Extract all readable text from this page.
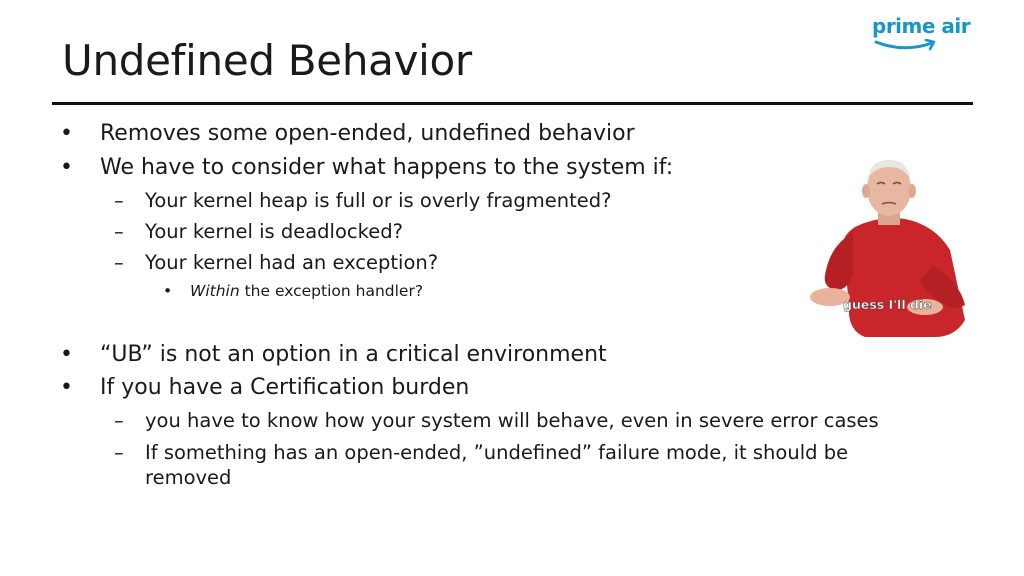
Undefined Behavior
prime air
• Removes some open-ended, undefined behavior
• We have to consider what happens to the system if:
– Your kernel heap is full or is overly fragmented?
– Your kernel is deadlocked?
– Your kernel had an exception?
• Within the exception handler?
• “UB” is not an option in a critical environment
• If you have a Certification burden
– you have to know how your system will behave, even in severe error cases
– If something has an open-ended, ”undefined” failure mode, it should be
removed
guess I'll die
